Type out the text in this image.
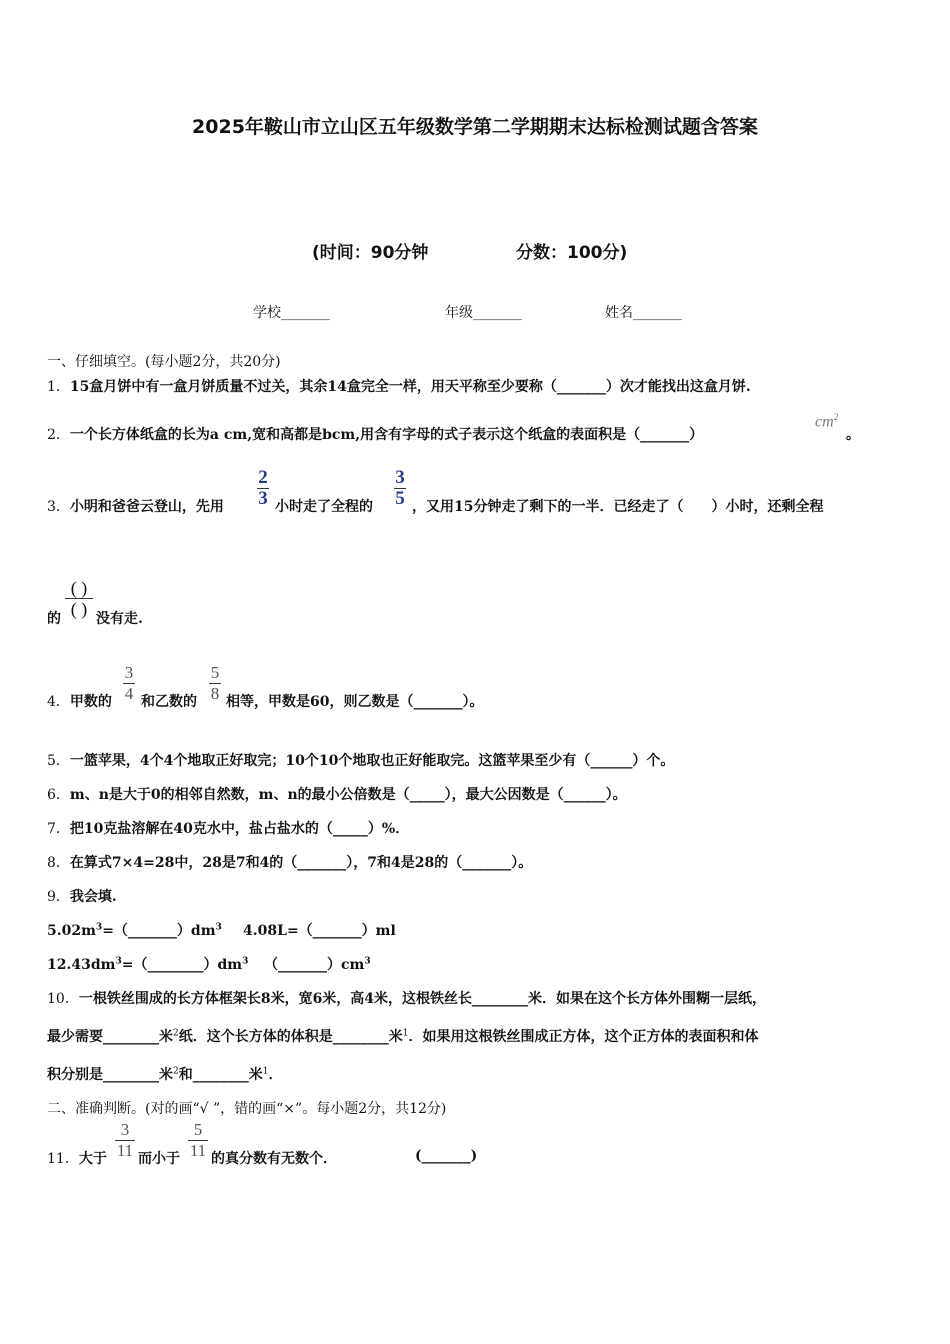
2025年鞍山市立山区五年级数学第二学期期末达标检测试题含答案
(时间：90分钟	分数：100分)
学校_______	年级_______	姓名_______
一、仔细填空。(每小题2分，共20分)
1．15盒月饼中有一盒月饼质量不过关，其余14盒完全一样，用天平称至少要称（_______）次才能找出这盒月饼.
2．一个长方体纸盒的长为a cm,宽和高都是bcm,用含有字母的式子表示这个纸盒的表面积是（_______）
$cm^2$
。
3．小明和爸爸云登山，先用
2
3 小时走了全程的
3
5 ，又用15分钟走了剩下的一半．已经走了（　　）小时，还剩全程
的
( )
( ) 没有走.
4．甲数的
3
4 和乙数的
5
8 相等，甲数是60，则乙数是（_______）。
5．一篮苹果，4个4个地取正好取完；10个10个地取也正好能取完。这篮苹果至少有（______）个。
6．m、n是大于0的相邻自然数，m、n的最小公倍数是（_____），最大公因数是（______）。
7．把10克盐溶解在40克水中，盐占盐水的（_____）%．
8．在算式7×4=28中，28是7和4的（_______），7和4是28的（_______）。
9．我会填.
$5.02m^3=(\_\_\_\_\_\_\_)dm^3$ 4.08L=（_______）ml
$12.43dm^3=(\_\_\_\_\_\_\_\_)dm^3$ $(\_\_\_\_\_\_\_)cm^3$
10．一根铁丝围成的长方体框架长8米，宽6米，高4米，这根铁丝长________米．如果在这个长方体外围糊一层纸，
最少需要________米$^2$纸．这个长方体的体积是________米$^1$．如果用这根铁丝围成正方体，这个正方体的表面积和体
积分别是________米$^2$和________米$^1$．
二、准确判断。(对的画“√ ”，错的画“×”。每小题2分，共12分)
11．大于
3
11 而小于
5
11 的真分数有无数个．	(_______)
